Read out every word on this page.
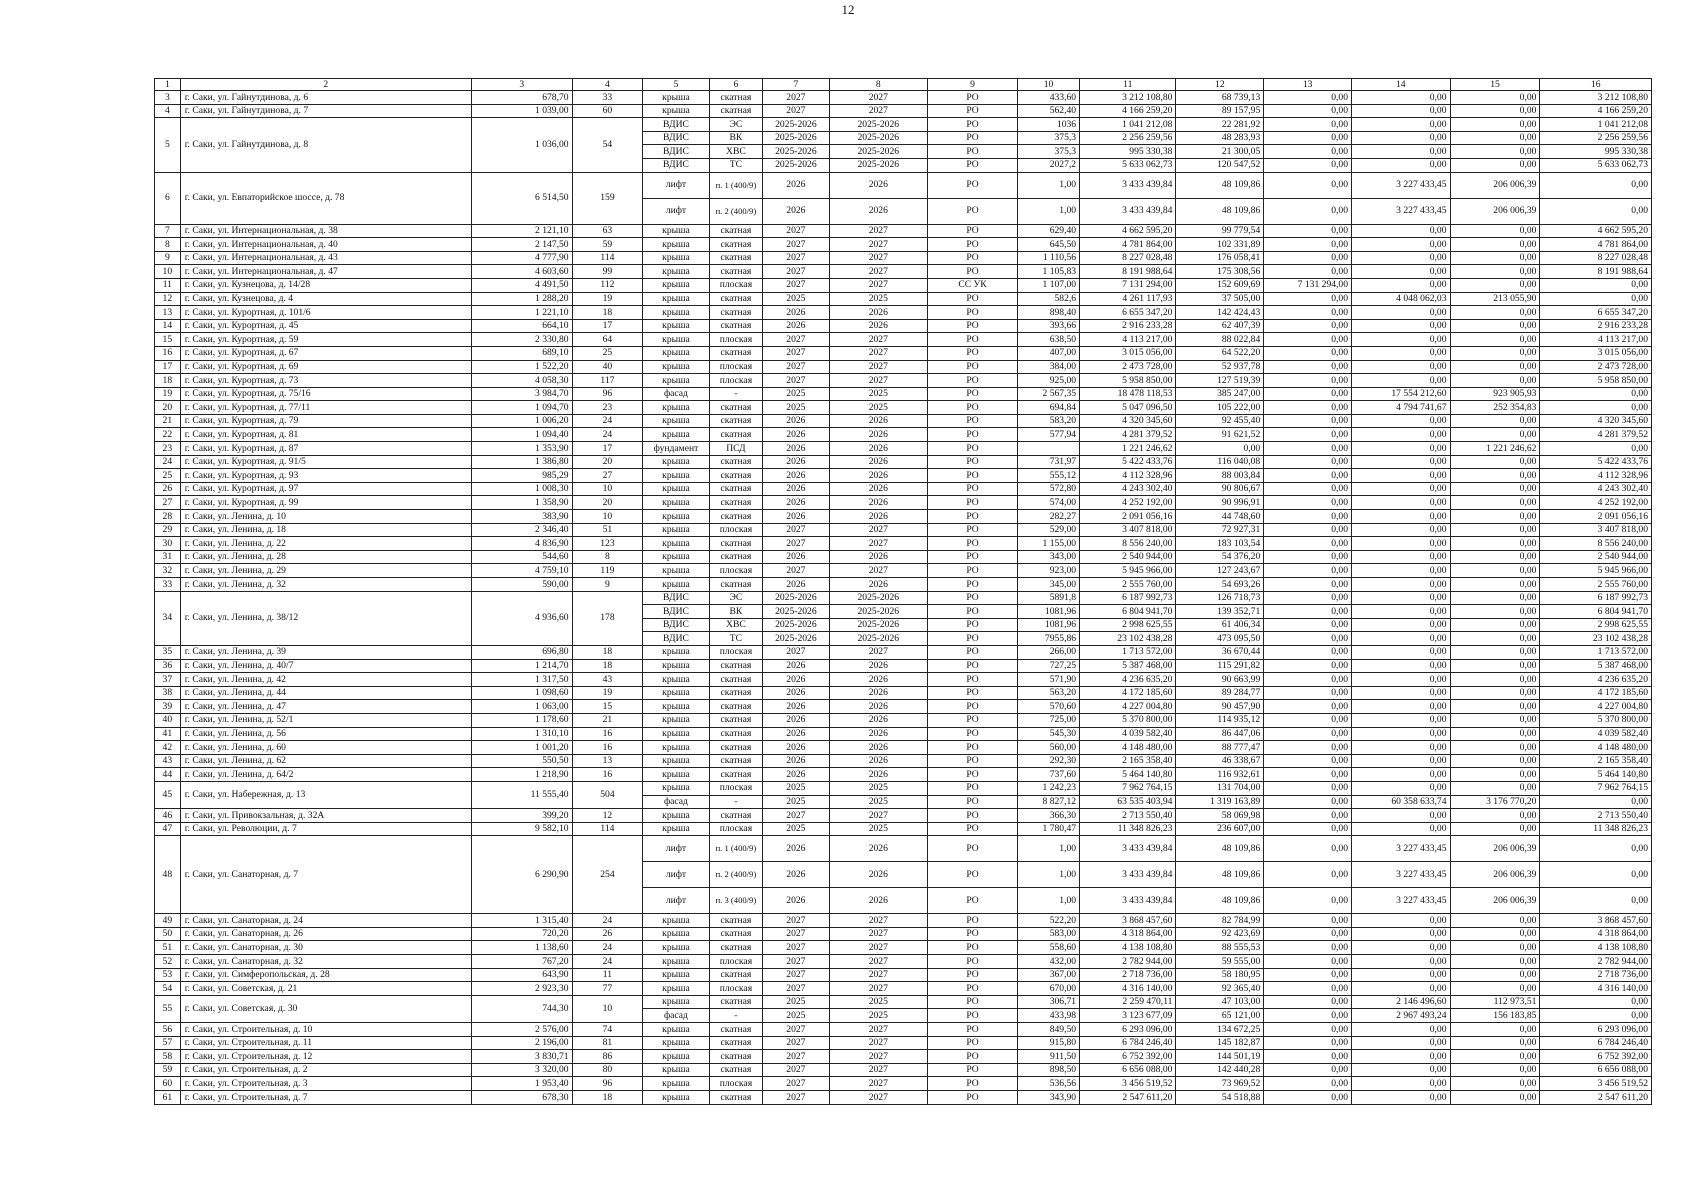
12
1	2	3	4	5	6	7	8	9	10	11	12	13	14	15	16
3	г. Саки, ул. Гайнутдинова, д. 6	678,70	33	крыша	скатная	2027	2027	РО	433,60	3 212 108,80	68 739,13	0,00	0,00	0,00	3 212 108,80
4	г. Саки, ул. Гайнутдинова, д. 7	1 039,00	60	крыша	скатная	2027	2027	РО	562,40	4 166 259,20	89 157,95	0,00	0,00	0,00	4 166 259,20
5	г. Саки, ул. Гайнутдинова, д. 8	1 036,00	54	ВДИС	ЭС	2025-2026	2025-2026	РО	1036	1 041 212,08	22 281,92	0,00	0,00	0,00	1 041 212,08
				ВДИС	ВК	2025-2026	2025-2026	РО	375,3	2 256 259,56	48 283,93	0,00	0,00	0,00	2 256 259,56
				ВДИС	ХВС	2025-2026	2025-2026	РО	375,3	995 330,38	21 300,05	0,00	0,00	0,00	995 330,38
				ВДИС	ТС	2025-2026	2025-2026	РО	2027,2	5 633 062,73	120 547,52	0,00	0,00	0,00	5 633 062,73
6	г. Саки, ул. Евпаторийское шоссе, д. 78	6 514,50	159	лифт	п. 1 (400/9)	2026	2026	РО	1,00	3 433 439,84	48 109,86	0,00	3 227 433,45	206 006,39	0,00
				лифт	п. 2 (400/9)	2026	2026	РО	1,00	3 433 439,84	48 109,86	0,00	3 227 433,45	206 006,39	0,00
7	г. Саки, ул. Интернациональная, д. 38	2 121,10	63	крыша	скатная	2027	2027	РО	629,40	4 662 595,20	99 779,54	0,00	0,00	0,00	4 662 595,20
8	г. Саки, ул. Интернациональная, д. 40	2 147,50	59	крыша	скатная	2027	2027	РО	645,50	4 781 864,00	102 331,89	0,00	0,00	0,00	4 781 864,00
9	г. Саки, ул. Интернациональная, д. 43	4 777,90	114	крыша	скатная	2027	2027	РО	1 110,56	8 227 028,48	176 058,41	0,00	0,00	0,00	8 227 028,48
10	г. Саки, ул. Интернациональная, д. 47	4 603,60	99	крыша	скатная	2027	2027	РО	1 105,83	8 191 988,64	175 308,56	0,00	0,00	0,00	8 191 988,64
11	г. Саки, ул. Кузнецова, д. 14/28	4 491,50	112	крыша	плоская	2027	2027	СС УК	1 107,00	7 131 294,00	152 609,69	7 131 294,00	0,00	0,00	0,00
12	г. Саки, ул. Кузнецова, д. 4	1 288,20	19	крыша	скатная	2025	2025	РО	582,6	4 261 117,93	37 505,00	0,00	4 048 062,03	213 055,90	0,00
13	г. Саки, ул. Курортная, д. 101/6	1 221,10	18	крыша	скатная	2026	2026	РО	898,40	6 655 347,20	142 424,43	0,00	0,00	0,00	6 655 347,20
14	г. Саки, ул. Курортная, д. 45	664,10	17	крыша	скатная	2026	2026	РО	393,66	2 916 233,28	62 407,39	0,00	0,00	0,00	2 916 233,28
15	г. Саки, ул. Курортная, д. 59	2 330,80	64	крыша	плоская	2027	2027	РО	638,50	4 113 217,00	88 022,84	0,00	0,00	0,00	4 113 217,00
16	г. Саки, ул. Курортная, д. 67	689,10	25	крыша	скатная	2027	2027	РО	407,00	3 015 056,00	64 522,20	0,00	0,00	0,00	3 015 056,00
17	г. Саки, ул. Курортная, д. 69	1 522,20	40	крыша	плоская	2027	2027	РО	384,00	2 473 728,00	52 937,78	0,00	0,00	0,00	2 473 728,00
18	г. Саки, ул. Курортная, д. 73	4 058,30	117	крыша	плоская	2027	2027	РО	925,00	5 958 850,00	127 519,39	0,00	0,00	0,00	5 958 850,00
19	г. Саки, ул. Курортная, д. 75/16	3 984,70	96	фасад	-	2025	2025	РО	2 567,35	18 478 118,53	385 247,00	0,00	17 554 212,60	923 905,93	0,00
20	г. Саки, ул. Курортная, д. 77/11	1 094,70	23	крыша	скатная	2025	2025	РО	694,84	5 047 096,50	105 222,00	0,00	4 794 741,67	252 354,83	0,00
21	г. Саки, ул. Курортная, д. 79	1 006,20	24	крыша	скатная	2026	2026	РО	583,20	4 320 345,60	92 455,40	0,00	0,00	0,00	4 320 345,60
22	г. Саки, ул. Курортная, д. 81	1 094,40	24	крыша	скатная	2026	2026	РО	577,94	4 281 379,52	91 621,52	0,00	0,00	0,00	4 281 379,52
23	г. Саки, ул. Курортная, д. 87	1 353,90	17	фундамент	ПСД	2026	2026	РО		1 221 246,62	0,00	0,00	0,00	1 221 246,62	0,00
24	г. Саки, ул. Курортная, д. 91/5	1 386,80	20	крыша	скатная	2026	2026	РО	731,97	5 422 433,76	116 040,08	0,00	0,00	0,00	5 422 433,76
25	г. Саки, ул. Курортная, д. 93	985,29	27	крыша	скатная	2026	2026	РО	555,12	4 112 328,96	88 003,84	0,00	0,00	0,00	4 112 328,96
26	г. Саки, ул. Курортная, д. 97	1 008,30	10	крыша	скатная	2026	2026	РО	572,80	4 243 302,40	90 806,67	0,00	0,00	0,00	4 243 302,40
27	г. Саки, ул. Курортная, д. 99	1 358,90	20	крыша	скатная	2026	2026	РО	574,00	4 252 192,00	90 996,91	0,00	0,00	0,00	4 252 192,00
28	г. Саки, ул. Ленина, д. 10	383,90	10	крыша	скатная	2026	2026	РО	282,27	2 091 056,16	44 748,60	0,00	0,00	0,00	2 091 056,16
29	г. Саки, ул. Ленина, д. 18	2 346,40	51	крыша	плоская	2027	2027	РО	529,00	3 407 818,00	72 927,31	0,00	0,00	0,00	3 407 818,00
30	г. Саки, ул. Ленина, д. 22	4 836,90	123	крыша	скатная	2027	2027	РО	1 155,00	8 556 240,00	183 103,54	0,00	0,00	0,00	8 556 240,00
31	г. Саки, ул. Ленина, д. 28	544,60	8	крыша	скатная	2026	2026	РО	343,00	2 540 944,00	54 376,20	0,00	0,00	0,00	2 540 944,00
32	г. Саки, ул. Ленина, д. 29	4 759,10	119	крыша	плоская	2027	2027	РО	923,00	5 945 966,00	127 243,67	0,00	0,00	0,00	5 945 966,00
33	г. Саки, ул. Ленина, д. 32	590,00	9	крыша	скатная	2026	2026	РО	345,00	2 555 760,00	54 693,26	0,00	0,00	0,00	2 555 760,00
34	г. Саки, ул. Ленина, д. 38/12	4 936,60	178	ВДИС	ЭС	2025-2026	2025-2026	РО	5891,8	6 187 992,73	126 718,73	0,00	0,00	0,00	6 187 992,73
				ВДИС	ВК	2025-2026	2025-2026	РО	1081,96	6 804 941,70	139 352,71	0,00	0,00	0,00	6 804 941,70
				ВДИС	ХВС	2025-2026	2025-2026	РО	1081,96	2 998 625,55	61 406,34	0,00	0,00	0,00	2 998 625,55
				ВДИС	ТС	2025-2026	2025-2026	РО	7955,86	23 102 438,28	473 095,50	0,00	0,00	0,00	23 102 438,28
35	г. Саки, ул. Ленина, д. 39	696,80	18	крыша	плоская	2027	2027	РО	266,00	1 713 572,00	36 670,44	0,00	0,00	0,00	1 713 572,00
36	г. Саки, ул. Ленина, д. 40/7	1 214,70	18	крыша	скатная	2026	2026	РО	727,25	5 387 468,00	115 291,82	0,00	0,00	0,00	5 387 468,00
37	г. Саки, ул. Ленина, д. 42	1 317,50	43	крыша	скатная	2026	2026	РО	571,90	4 236 635,20	90 663,99	0,00	0,00	0,00	4 236 635,20
38	г. Саки, ул. Ленина, д. 44	1 098,60	19	крыша	скатная	2026	2026	РО	563,20	4 172 185,60	89 284,77	0,00	0,00	0,00	4 172 185,60
39	г. Саки, ул. Ленина, д. 47	1 063,00	15	крыша	скатная	2026	2026	РО	570,60	4 227 004,80	90 457,90	0,00	0,00	0,00	4 227 004,80
40	г. Саки, ул. Ленина, д. 52/1	1 178,60	21	крыша	скатная	2026	2026	РО	725,00	5 370 800,00	114 935,12	0,00	0,00	0,00	5 370 800,00
41	г. Саки, ул. Ленина, д. 56	1 310,10	16	крыша	скатная	2026	2026	РО	545,30	4 039 582,40	86 447,06	0,00	0,00	0,00	4 039 582,40
42	г. Саки, ул. Ленина, д. 60	1 001,20	16	крыша	скатная	2026	2026	РО	560,00	4 148 480,00	88 777,47	0,00	0,00	0,00	4 148 480,00
43	г. Саки, ул. Ленина, д. 62	550,50	13	крыша	скатная	2026	2026	РО	292,30	2 165 358,40	46 338,67	0,00	0,00	0,00	2 165 358,40
44	г. Саки, ул. Ленина, д. 64/2	1 218,90	16	крыша	скатная	2026	2026	РО	737,60	5 464 140,80	116 932,61	0,00	0,00	0,00	5 464 140,80
45	г. Саки, ул. Набережная, д. 13	11 555,40	504	крыша	плоская	2025	2025	РО	1 242,23	7 962 764,15	131 704,00	0,00	0,00	0,00	7 962 764,15
				фасад	-	2025	2025	РО	8 827,12	63 535 403,94	1 319 163,89	0,00	60 358 633,74	3 176 770,20	0,00
46	г. Саки, ул. Привокзальная, д. 32А	399,20	12	крыша	скатная	2027	2027	РО	366,30	2 713 550,40	58 069,98	0,00	0,00	0,00	2 713 550,40
47	г. Саки, ул. Революции, д. 7	9 582,10	114	крыша	плоская	2025	2025	РО	1 780,47	11 348 826,23	236 607,00	0,00	0,00	0,00	11 348 826,23
48	г. Саки, ул. Санаторная, д. 7	6 290,90	254	лифт	п. 1 (400/9)	2026	2026	РО	1,00	3 433 439,84	48 109,86	0,00	3 227 433,45	206 006,39	0,00
				лифт	п. 2 (400/9)	2026	2026	РО	1,00	3 433 439,84	48 109,86	0,00	3 227 433,45	206 006,39	0,00
				лифт	п. 3 (400/9)	2026	2026	РО	1,00	3 433 439,84	48 109,86	0,00	3 227 433,45	206 006,39	0,00
49	г. Саки, ул. Санаторная, д. 24	1 315,40	24	крыша	скатная	2027	2027	РО	522,20	3 868 457,60	82 784,99	0,00	0,00	0,00	3 868 457,60
50	г. Саки, ул. Санаторная, д. 26	720,20	26	крыша	скатная	2027	2027	РО	583,00	4 318 864,00	92 423,69	0,00	0,00	0,00	4 318 864,00
51	г. Саки, ул. Санаторная, д. 30	1 138,60	24	крыша	скатная	2027	2027	РО	558,60	4 138 108,80	88 555,53	0,00	0,00	0,00	4 138 108,80
52	г. Саки, ул. Санаторная, д. 32	767,20	24	крыша	плоская	2027	2027	РО	432,00	2 782 944,00	59 555,00	0,00	0,00	0,00	2 782 944,00
53	г. Саки, ул. Симферопольская, д. 28	643,90	11	крыша	скатная	2027	2027	РО	367,00	2 718 736,00	58 180,95	0,00	0,00	0,00	2 718 736,00
54	г. Саки, ул. Советская, д. 21	2 923,30	77	крыша	плоская	2027	2027	РО	670,00	4 316 140,00	92 365,40	0,00	0,00	0,00	4 316 140,00
55	г. Саки, ул. Советская, д. 30	744,30	10	крыша	скатная	2025	2025	РО	306,71	2 259 470,11	47 103,00	0,00	2 146 496,60	112 973,51	0,00
				фасад	-	2025	2025	РО	433,98	3 123 677,09	65 121,00	0,00	2 967 493,24	156 183,85	0,00
56	г. Саки, ул. Строительная, д. 10	2 576,00	74	крыша	скатная	2027	2027	РО	849,50	6 293 096,00	134 672,25	0,00	0,00	0,00	6 293 096,00
57	г. Саки, ул. Строительная, д. 11	2 196,00	81	крыша	скатная	2027	2027	РО	915,80	6 784 246,40	145 182,87	0,00	0,00	0,00	6 784 246,40
58	г. Саки, ул. Строительная, д. 12	3 830,71	86	крыша	скатная	2027	2027	РО	911,50	6 752 392,00	144 501,19	0,00	0,00	0,00	6 752 392,00
59	г. Саки, ул. Строительная, д. 2	3 320,00	80	крыша	скатная	2027	2027	РО	898,50	6 656 088,00	142 440,28	0,00	0,00	0,00	6 656 088,00
60	г. Саки, ул. Строительная, д. 3	1 953,40	96	крыша	плоская	2027	2027	РО	536,56	3 456 519,52	73 969,52	0,00	0,00	0,00	3 456 519,52
61	г. Саки, ул. Строительная, д. 7	678,30	18	крыша	скатная	2027	2027	РО	343,90	2 547 611,20	54 518,88	0,00	0,00	0,00	2 547 611,20
